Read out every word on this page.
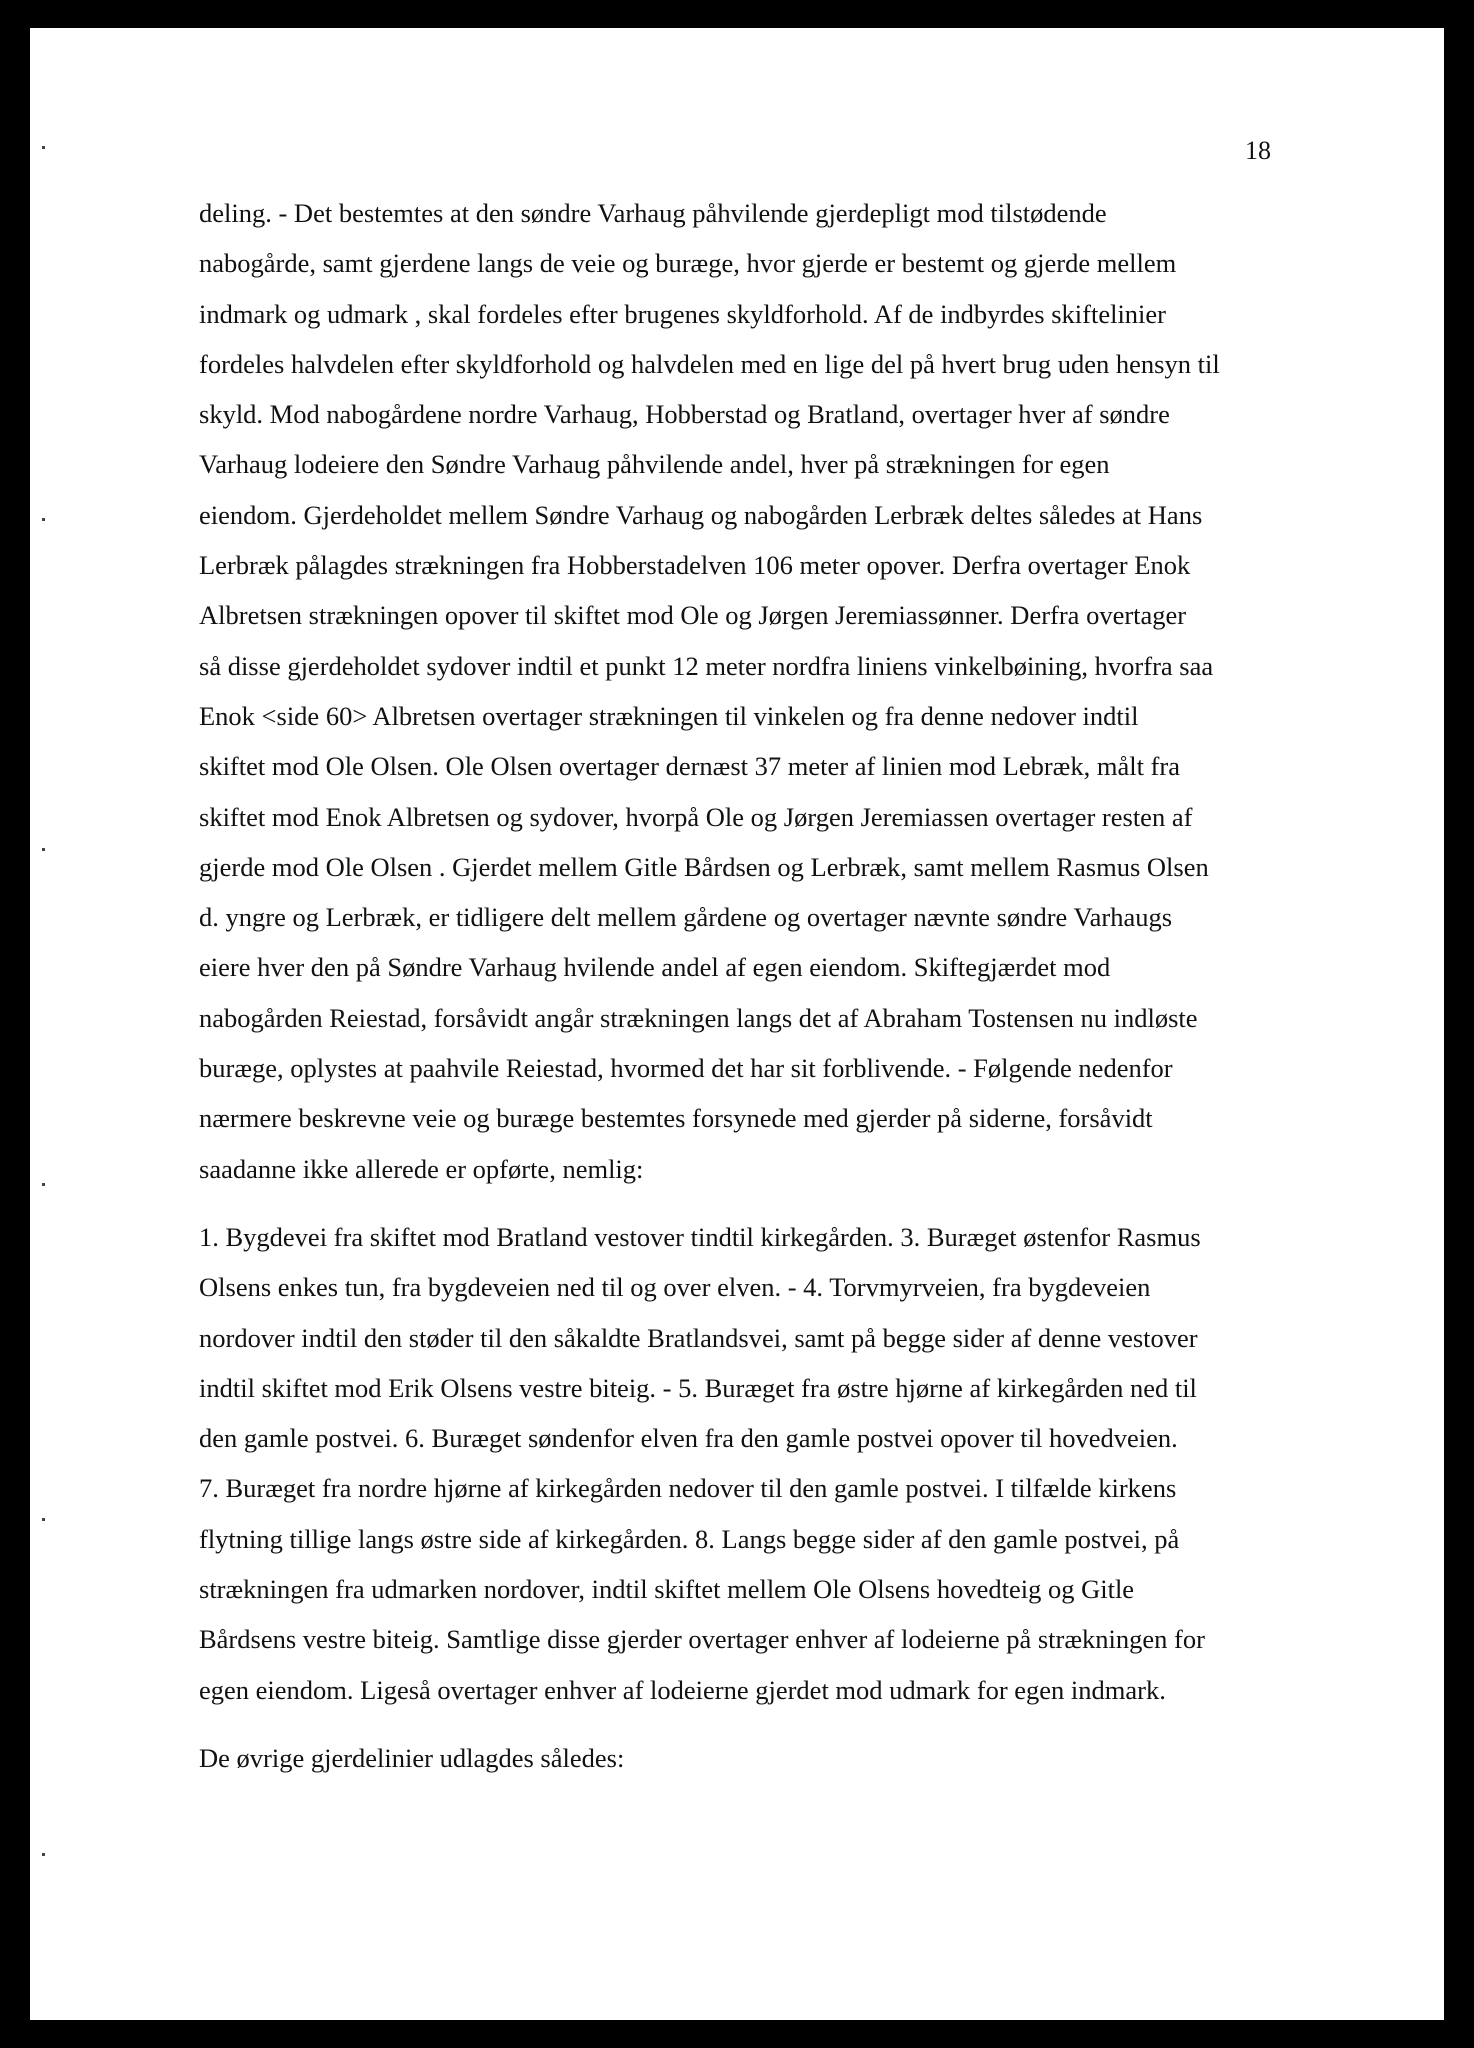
18
deling. - Det bestemtes at den søndre Varhaug påhvilende gjerdepligt mod tilstødende
nabogårde, samt gjerdene langs de veie og buræge, hvor gjerde er bestemt og gjerde mellem
indmark og udmark , skal fordeles efter brugenes skyldforhold. Af de indbyrdes skiftelinier
fordeles halvdelen efter skyldforhold og halvdelen med en lige del på hvert brug uden hensyn til
skyld. Mod nabogårdene nordre Varhaug, Hobberstad og Bratland, overtager hver af søndre
Varhaug lodeiere den Søndre Varhaug påhvilende andel, hver på strækningen for egen
eiendom. Gjerdeholdet mellem Søndre Varhaug og nabogården Lerbræk deltes således at Hans
Lerbræk pålagdes strækningen fra Hobberstadelven 106 meter opover. Derfra overtager Enok
Albretsen strækningen opover til skiftet mod Ole og Jørgen Jeremiassønner. Derfra overtager
så disse gjerdeholdet sydover indtil et punkt 12 meter nordfra liniens vinkelbøining, hvorfra saa
Enok <side 60> Albretsen overtager strækningen til vinkelen og fra denne nedover indtil
skiftet mod Ole Olsen. Ole Olsen overtager dernæst 37 meter af linien mod Lebræk, målt fra
skiftet mod Enok Albretsen og sydover, hvorpå Ole og Jørgen Jeremiassen overtager resten af
gjerde mod Ole Olsen . Gjerdet mellem Gitle Bårdsen og Lerbræk, samt mellem Rasmus Olsen
d. yngre og Lerbræk, er tidligere delt mellem gårdene og overtager nævnte søndre Varhaugs
eiere hver den på Søndre Varhaug hvilende andel af egen eiendom. Skiftegjærdet mod
nabogården Reiestad, forsåvidt angår strækningen langs det af Abraham Tostensen nu indløste
buræge, oplystes at paahvile Reiestad, hvormed det har sit forblivende. - Følgende nedenfor
nærmere beskrevne veie og buræge bestemtes forsynede med gjerder på siderne, forsåvidt
saadanne ikke allerede er opførte, nemlig:
1. Bygdevei fra skiftet mod Bratland vestover tindtil kirkegården. 3. Buræget østenfor Rasmus
Olsens enkes tun, fra bygdeveien ned til og over elven. - 4. Torvmyrveien, fra bygdeveien
nordover indtil den støder til den såkaldte Bratlandsvei, samt på begge sider af denne vestover
indtil skiftet mod Erik Olsens vestre biteig. - 5. Buræget fra østre hjørne af kirkegården ned til
den gamle postvei. 6. Buræget søndenfor elven fra den gamle postvei opover til hovedveien.
7. Buræget fra nordre hjørne af kirkegården nedover til den gamle postvei. I tilfælde kirkens
flytning tillige langs østre side af kirkegården. 8. Langs begge sider af den gamle postvei, på
strækningen fra udmarken nordover, indtil skiftet mellem Ole Olsens hovedteig og Gitle
Bårdsens vestre biteig. Samtlige disse gjerder overtager enhver af lodeierne på strækningen for
egen eiendom. Ligeså overtager enhver af lodeierne gjerdet mod udmark for egen indmark.
De øvrige gjerdelinier udlagdes således:
